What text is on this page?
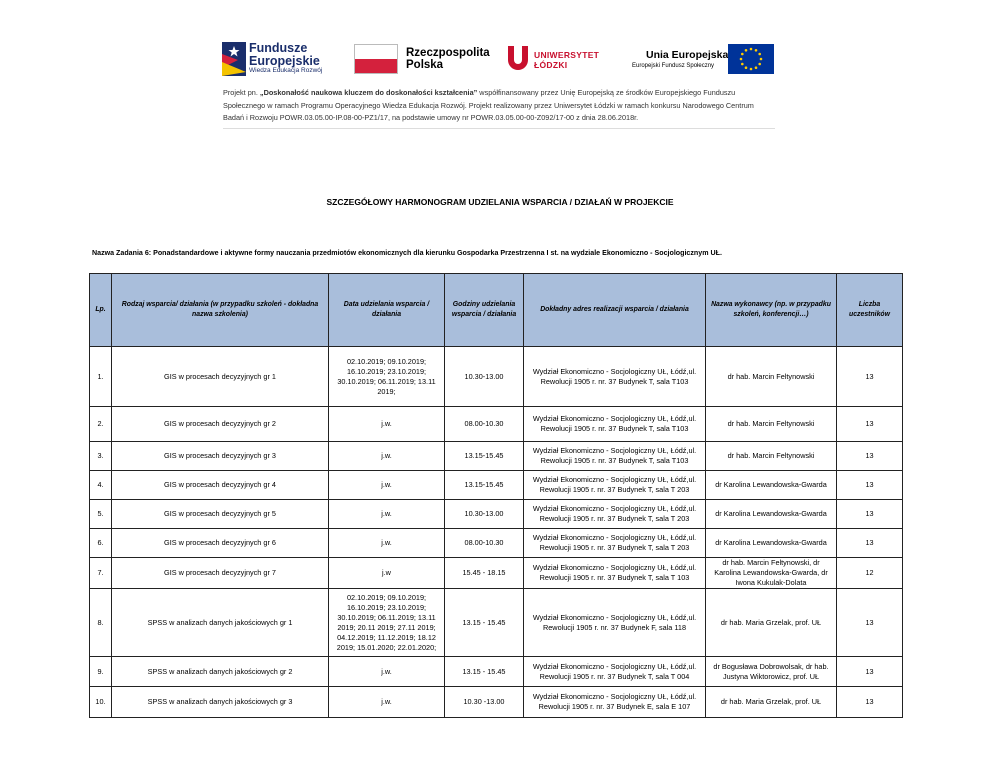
Fundusze
Europejskie
Wiedza Edukacja Rozwój
Rzeczpospolita
Polska
UNIWERSYTET
ŁÓDZKI
Unia Europejska
Europejski Fundusz Społeczny
Projekt pn. „Doskonałość naukowa kluczem do doskonałości kształcenia” współfinansowany przez Unię Europejską ze środków Europejskiego Funduszu Społecznego w ramach Programu Operacyjnego Wiedza Edukacja Rozwój. Projekt realizowany przez Uniwersytet Łódzki w ramach konkursu Narodowego Centrum Badań i Rozwoju POWR.03.05.00-IP.08-00-PZ1/17, na podstawie umowy nr POWR.03.05.00-00-Z092/17-00 z dnia 28.06.2018r.
SZCZEGÓŁOWY HARMONOGRAM UDZIELANIA WSPARCIA / DZIAŁAŃ W PROJEKCIE
Nazwa Zadania 6: Ponadstandardowe i aktywne formy nauczania przedmiotów ekonomicznych dla kierunku Gospodarka Przestrzenna I st. na wydziale Ekonomiczno - Socjologicznym UŁ.
Lp.	Rodzaj wsparcia/ działania (w przypadku szkoleń - dokładna nazwa szkolenia)	Data udzielania wsparcia / działania	Godziny udzielania wsparcia / działania	Dokładny adres realizacji wsparcia / działania	Nazwa wykonawcy (np. w przypadku szkoleń, konferencji…)	Liczba uczestników
1.	GIS w procesach decyzyjnych gr 1	02.10.2019; 09.10.2019; 16.10.2019; 23.10.2019; 30.10.2019; 06.11.2019; 13.11 2019;	10.30-13.00	Wydział Ekonomiczno - Socjologiczny UŁ, Łódź,ul. Rewolucji 1905 r. nr. 37 Budynek T, sala T103	dr hab. Marcin Feltynowski	13
2.	GIS w procesach decyzyjnych gr 2	j.w.	08.00-10.30	Wydział Ekonomiczno - Socjologiczny UŁ, Łódź,ul. Rewolucji 1905 r. nr. 37 Budynek T, sala T103	dr hab. Marcin Feltynowski	13
3.	GIS w procesach decyzyjnych gr 3	j.w.	13.15-15.45	Wydział Ekonomiczno - Socjologiczny UŁ, Łódź,ul. Rewolucji 1905 r. nr. 37 Budynek T, sala T103	dr hab. Marcin Feltynowski	13
4.	GIS w procesach decyzyjnych gr 4	j.w.	13.15-15.45	Wydział Ekonomiczno - Socjologiczny UŁ, Łódź,ul. Rewolucji 1905 r. nr. 37 Budynek T, sala T 203	dr Karolina Lewandowska-Gwarda	13
5.	GIS w procesach decyzyjnych gr 5	j.w.	10.30-13.00	Wydział Ekonomiczno - Socjologiczny UŁ, Łódź,ul. Rewolucji 1905 r. nr. 37 Budynek T, sala T 203	dr Karolina Lewandowska-Gwarda	13
6.	GIS w procesach decyzyjnych gr 6	j.w.	08.00-10.30	Wydział Ekonomiczno - Socjologiczny UŁ, Łódź,ul. Rewolucji 1905 r. nr. 37 Budynek T, sala T 203	dr Karolina Lewandowska-Gwarda	13
7.	GIS w procesach decyzyjnych gr 7	j.w	15.45 - 18.15	Wydział Ekonomiczno - Socjologiczny UŁ, Łódź,ul. Rewolucji 1905 r. nr. 37 Budynek T, sala T 103	dr hab. Marcin Feltynowski, dr Karolina Lewandowska-Gwarda, dr Iwona Kukulak-Dolata	12
8.	SPSS w analizach danych jakościowych gr 1	02.10.2019; 09.10.2019; 16.10.2019; 23.10.2019; 30.10.2019; 06.11.2019; 13.11 2019; 20.11 2019; 27.11 2019; 04.12.2019; 11.12.2019; 18.12 2019; 15.01.2020; 22.01.2020;	13.15 - 15.45	Wydział Ekonomiczno - Socjologiczny UŁ, Łódź,ul. Rewolucji 1905 r. nr. 37 Budynek F, sala 118	dr hab. Maria Grzelak, prof. UŁ	13
9.	SPSS w analizach danych jakościowych gr 2	j.w.	13.15 - 15.45	Wydział Ekonomiczno - Socjologiczny UŁ, Łódź,ul. Rewolucji 1905 r. nr. 37 Budynek T, sala T 004	dr Bogusława Dobrowolsak, dr hab. Justyna Wiktorowicz, prof. UŁ	13
10.	SPSS w analizach danych jakościowych gr 3	j.w.	10.30 -13.00	Wydział Ekonomiczno - Socjologiczny UŁ, Łódź,ul. Rewolucji 1905 r. nr. 37 Budynek E, sala E 107	dr hab. Maria Grzelak, prof. UŁ	13
